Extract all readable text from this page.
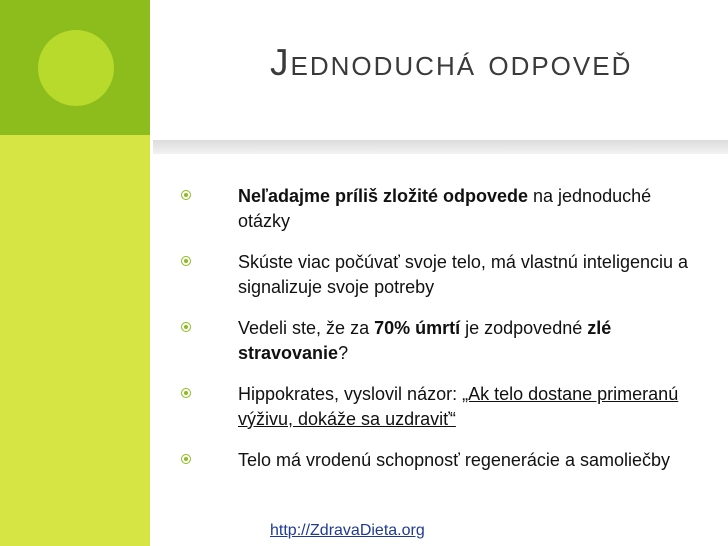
Jednoduchá odpoveď
Neľadajme príliš zložité odpovede na jednoduché otázky
Skúste viac počúvať svoje telo, má vlastnú inteligenciu a signalizuje svoje potreby
Vedeli ste, že za 70% úmrtí je zodpovedné zlé stravovanie?
Hippokrates, vyslovil názor: „Ak telo dostane primeranú výživu, dokáže sa uzdraviť“
Telo má vrodenú schopnosť regenerácie a samoliečby
http://ZdravaDieta.org
